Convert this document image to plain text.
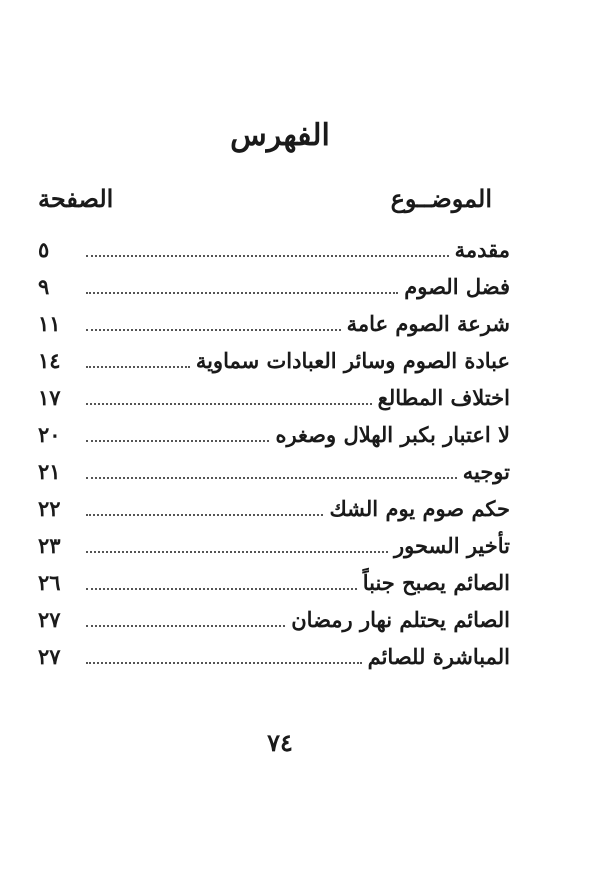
الفهرس
الموضــوع
الصفحة
مقدمة
٥
فضل الصوم
٩
شرعة الصوم عامة
١١
عبادة الصوم وسائر العبادات سماوية
١٤
اختلاف المطالع
١٧
لا اعتبار بكبر الهلال وصغره
٢٠
توجيه
٢١
حكم صوم يوم الشك
٢٢
تأخير السحور
٢٣
الصائم يصبح جنباً
٢٦
الصائم يحتلم نهار رمضان
٢٧
المباشرة للصائم
٢٧
٧٤
